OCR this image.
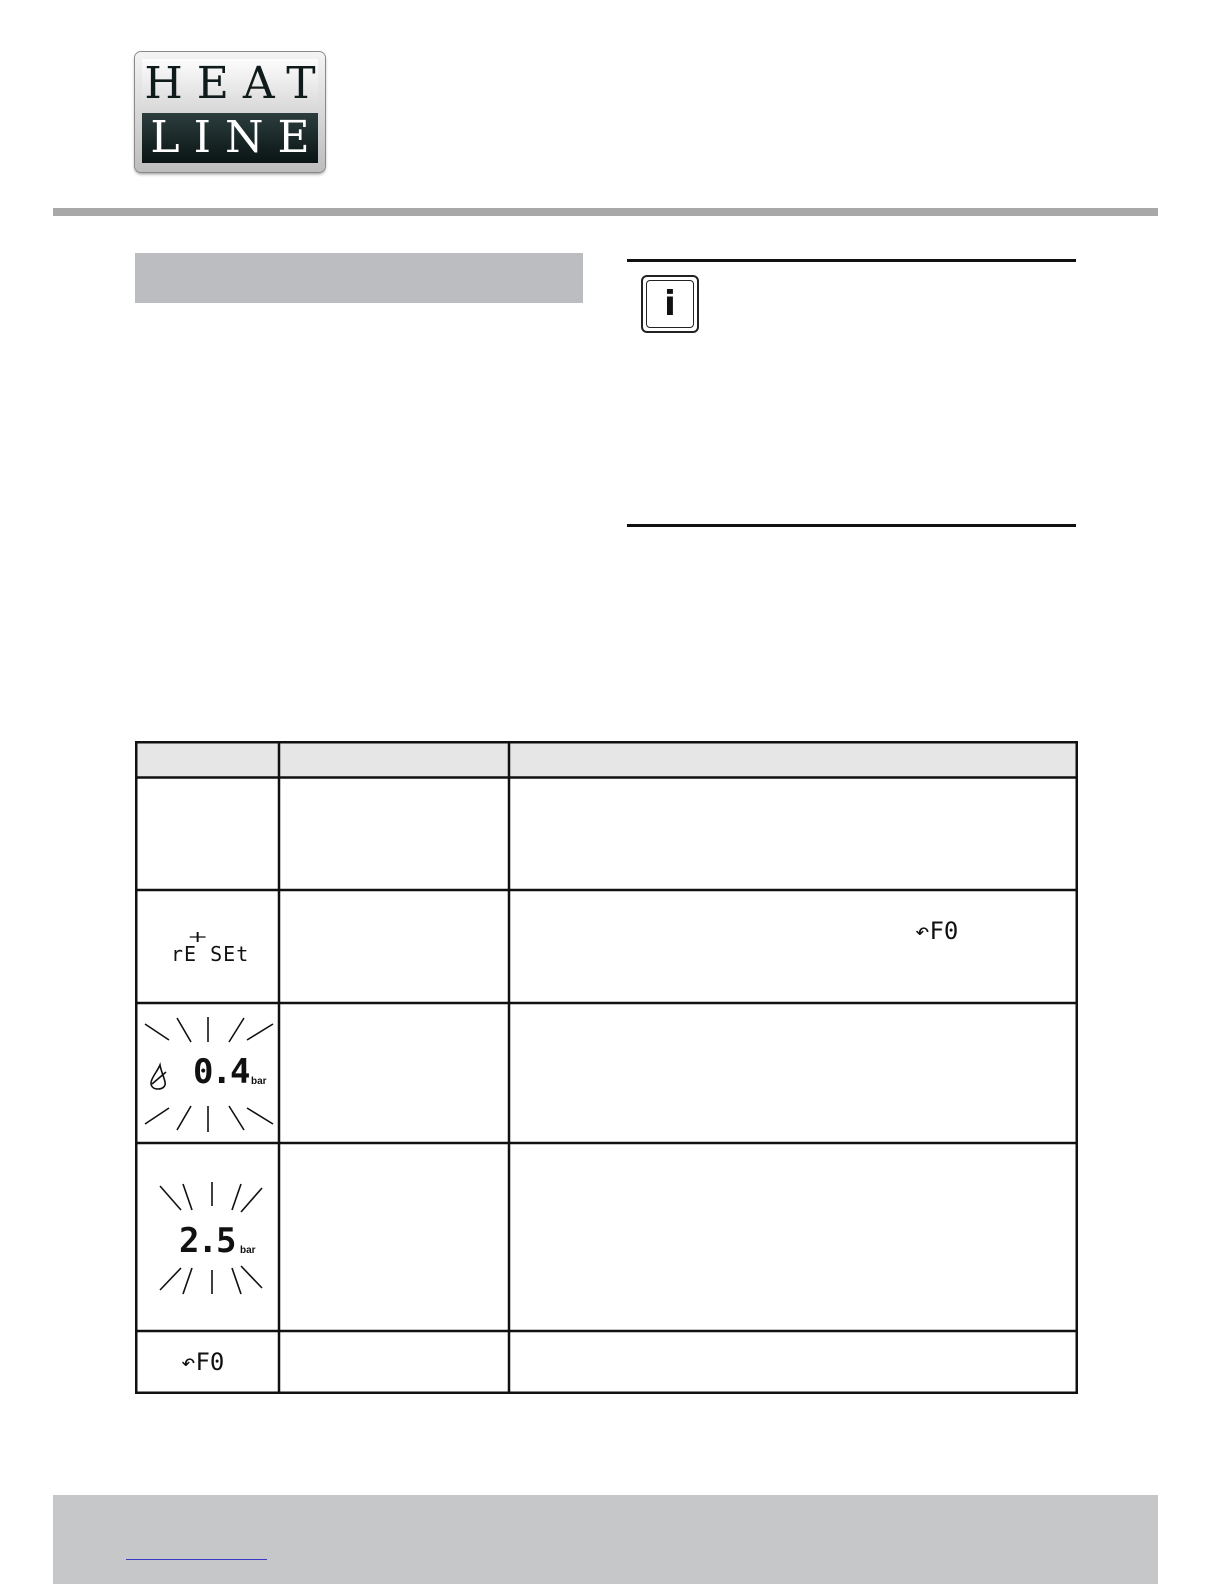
HEAT
LINE
i
⊣⊢
rE SEt
↶F0
0.4 bar
2.5 bar
↶F0
